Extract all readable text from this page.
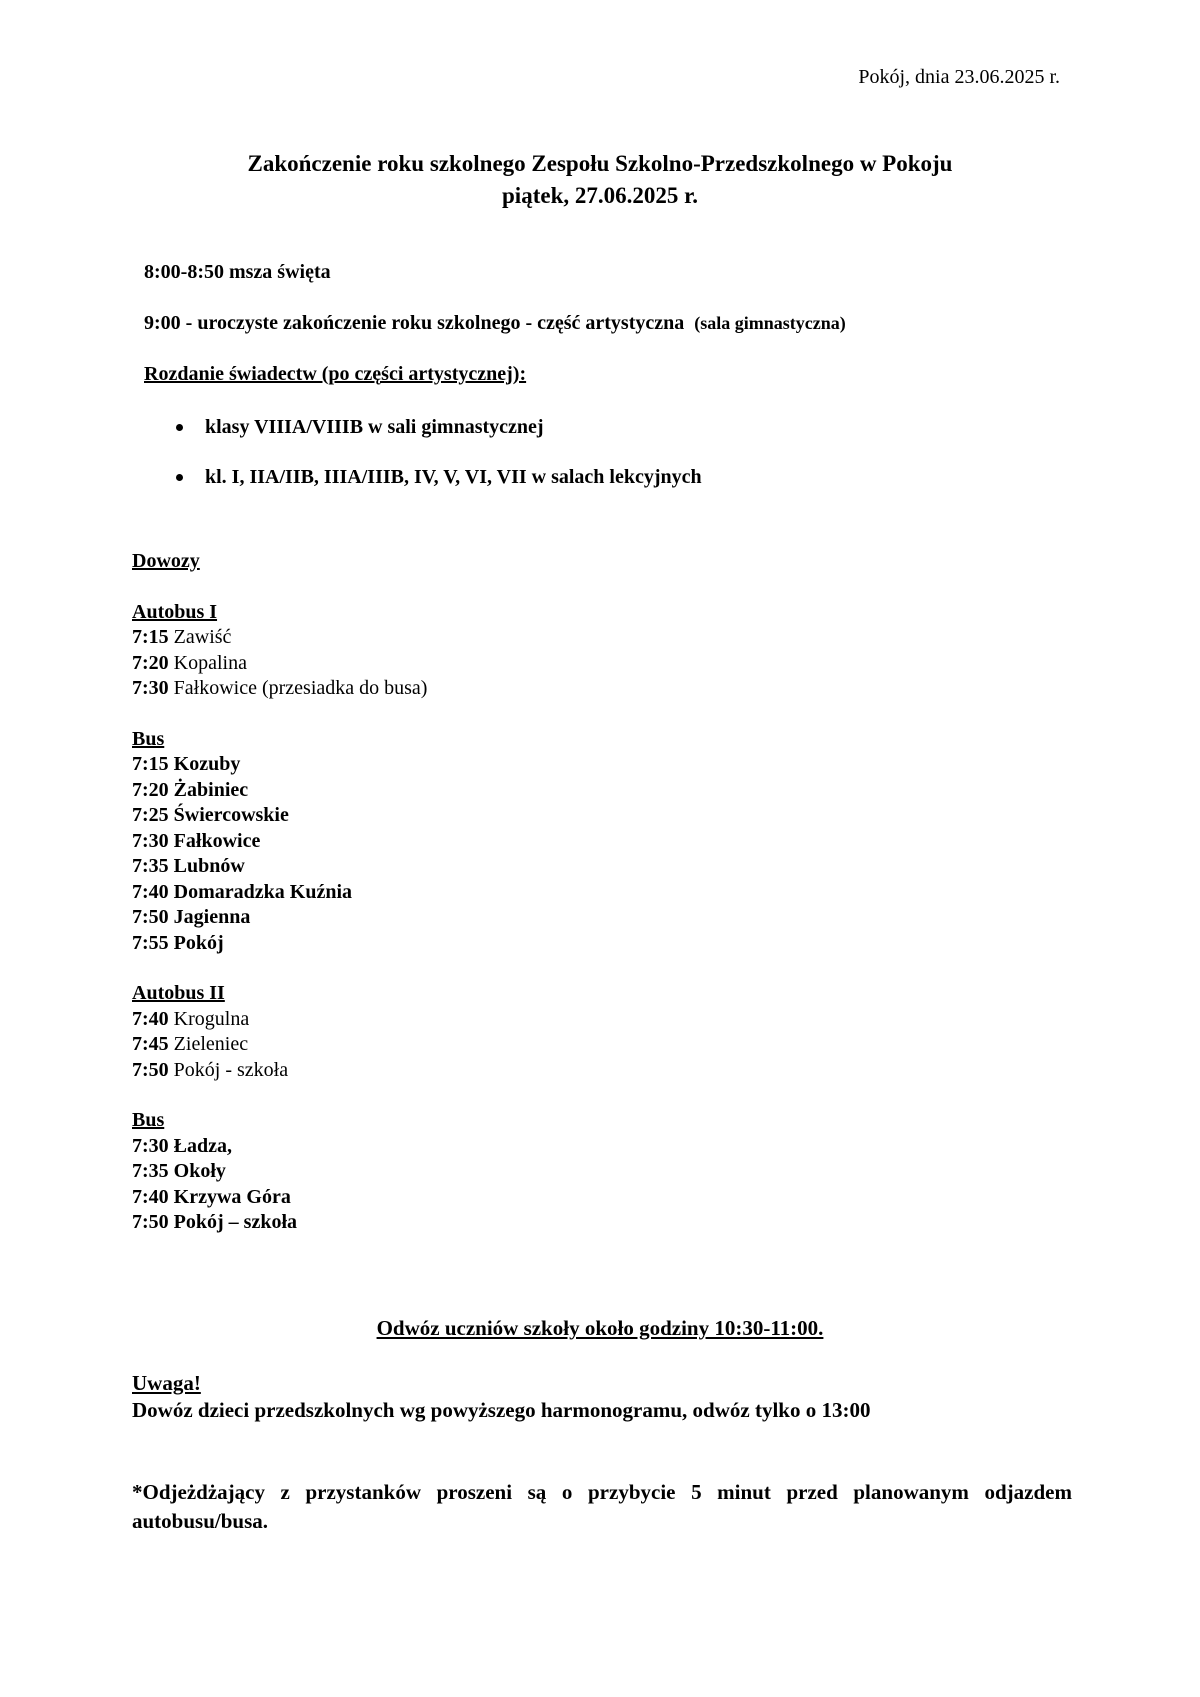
Pokój, dnia 23.06.2025 r.
Zakończenie roku szkolnego Zespołu Szkolno-Przedszkolnego w Pokoju
piątek, 27.06.2025 r.
8:00-8:50 msza święta
9:00 - uroczyste zakończenie roku szkolnego - część artystyczna (sala gimnastyczna)
Rozdanie świadectw (po części artystycznej):
klasy VIIIA/VIIIB w sali gimnastycznej
kl. I, IIA/IIB, IIIA/IIIB, IV, V, VI, VII w salach lekcyjnych
Dowozy
Autobus I
7:15 Zawiść
7:20 Kopalina
7:30 Fałkowice (przesiadka do busa)
Bus
7:15 Kozuby
7:20 Żabiniec
7:25 Świercowskie
7:30 Fałkowice
7:35 Lubnów
7:40 Domaradzka Kuźnia
7:50 Jagienna
7:55 Pokój
Autobus II
7:40 Krogulna
7:45 Zieleniec
7:50 Pokój - szkoła
Bus
7:30 Ładza,
7:35 Okoły
7:40 Krzywa Góra
7:50 Pokój – szkoła
Odwóz uczniów szkoły około godziny 10:30-11:00.
Uwaga!
Dowóz dzieci przedszkolnych wg powyższego harmonogramu, odwóz tylko o 13:00
*Odjeżdżający z przystanków proszeni są o przybycie 5 minut przed planowanym odjazdem autobusu/busa.
